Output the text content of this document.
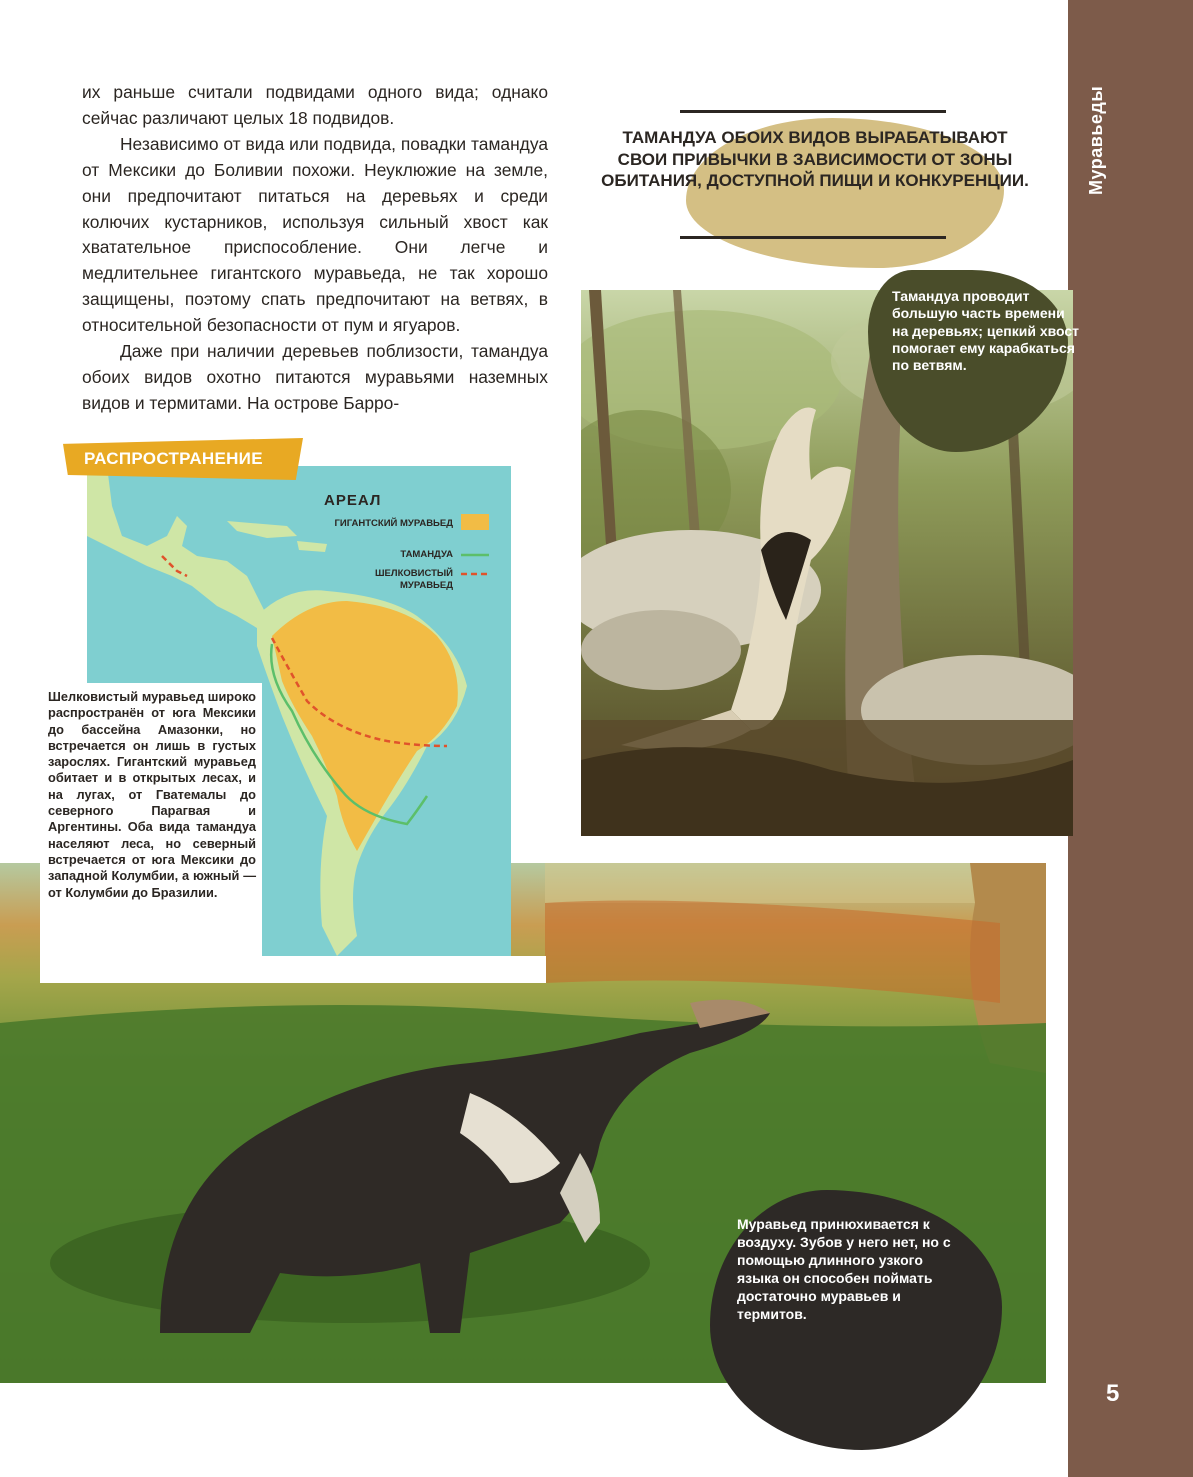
Муравьеды
5

их раньше считали подвидами одного вида; однако сейчас различают целых 18 подвидов.

Независимо от вида или подвида, повадки тамандуа от Мексики до Боливии похожи. Неуклюжие на земле, они предпочитают питаться на деревьях и среди колючих кустарников, используя сильный хвост как хватательное приспособление. Они легче и медлительнее гигантского муравьеда, не так хорошо защищены, поэтому спать предпочитают на ветвях, в относительной безопасности от пум и ягуаров.

Даже при наличии деревьев поблизости, тамандуа обоих видов охотно питаются муравьями наземных видов и термитами. На острове Барро-

ТАМАНДУА ОБОИХ ВИДОВ ВЫРАБАТЫВАЮТ СВОИ ПРИВЫЧКИ В ЗАВИСИМОСТИ ОТ ЗОНЫ ОБИТАНИЯ, ДОСТУПНОЙ ПИЩИ И КОНКУРЕНЦИИ.
Тамандуа проводит большую часть времени на деревьях; цепкий хвост помогает ему карабкаться по ветвям.
Муравьед принюхивается к воздуху. Зубов у него нет, но с помощью длинного узкого языка он способен поймать достаточно муравьев и термитов.
АРЕАЛ
ГИГАНТСКИЙ МУРАВЬЕД
ТАМАНДУА
ШЕЛКОВИСТЫЙ
МУРАВЬЕД
РАСПРОСТРАНЕНИЕ
Шелковистый муравьед широко распространён от юга Мексики до бассейна Амазонки, но встречается он лишь в густых зарослях. Гигантский муравьед обитает и в открытых лесах, и на лугах, от Гватемалы до северного Парагвая и Аргентины. Оба вида тамандуа населяют леса, но северный встречается от юга Мексики до западной Колумбии, а южный — от Колумбии до Бразилии.
